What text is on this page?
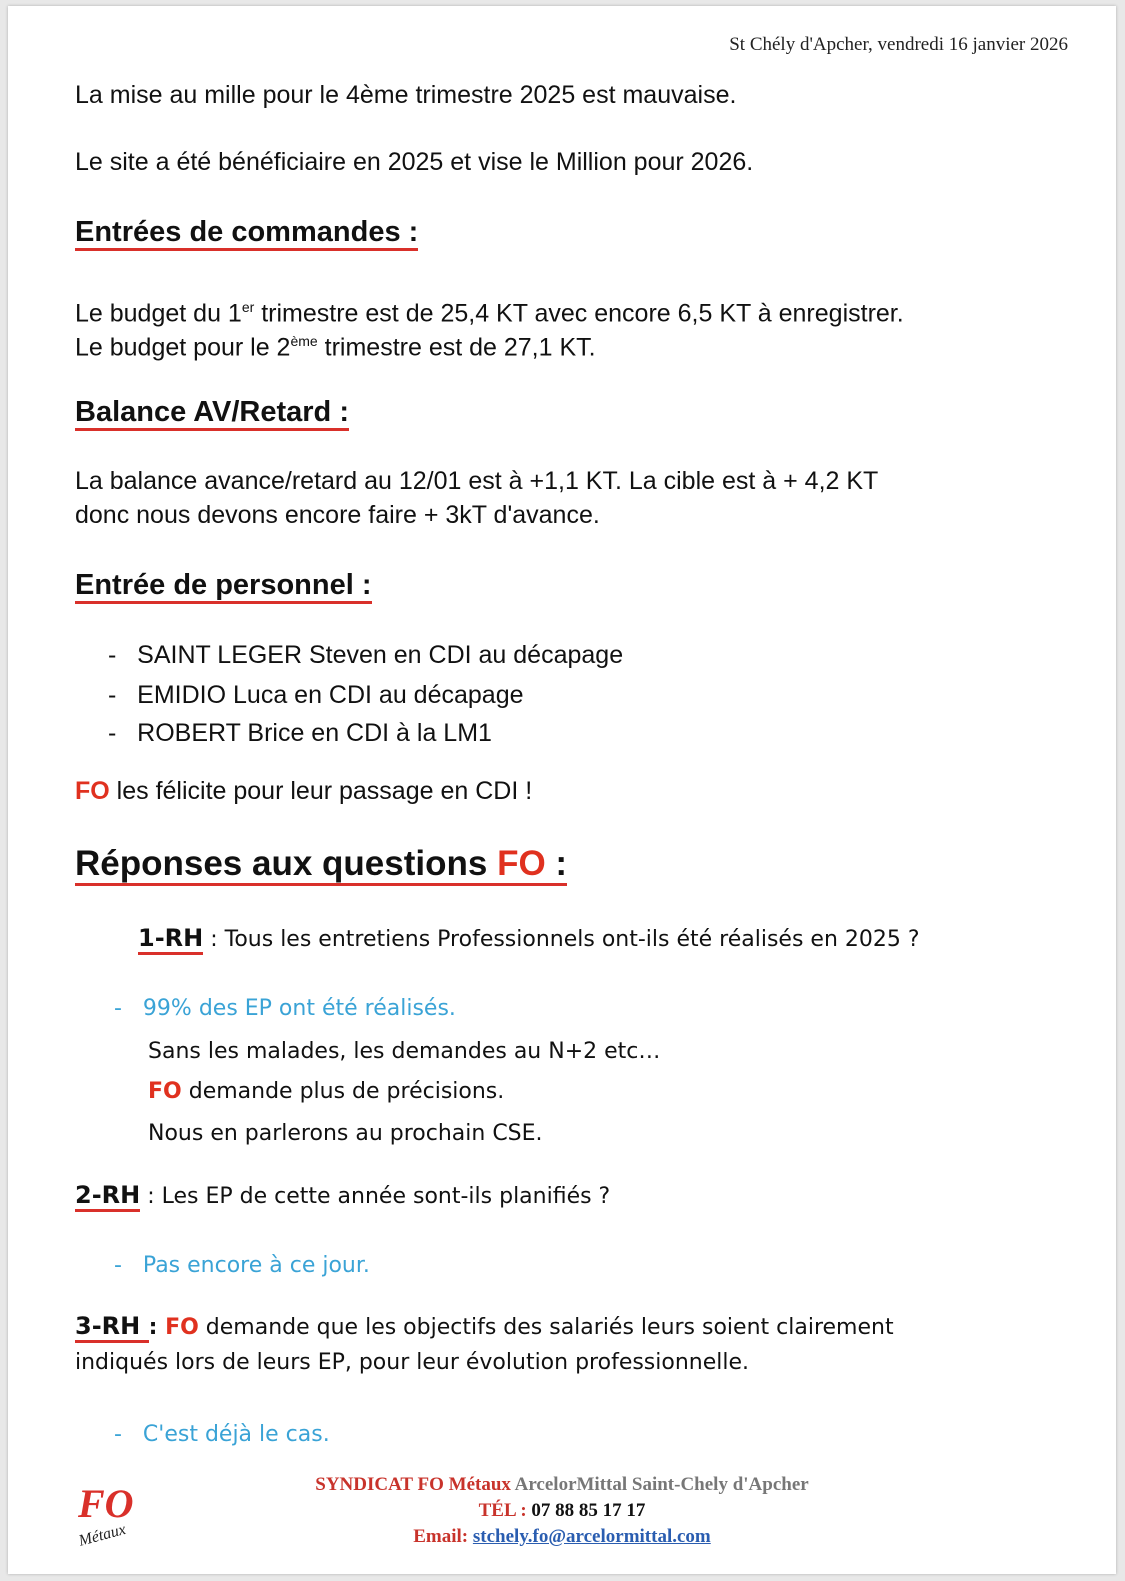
St Chély d'Apcher, vendredi 16 janvier 2026
La mise au mille pour le 4ème trimestre 2025 est mauvaise.
Le site a été bénéficiaire en 2025 et vise le Million pour 2026.
Entrées de commandes :
Le budget du 1er trimestre est de 25,4 KT avec encore 6,5 KT à enregistrer.
Le budget pour le 2ème trimestre est de 27,1 KT.
Balance AV/Retard :
La balance avance/retard au 12/01 est à +1,1 KT. La cible est à + 4,2 KT
donc nous devons encore faire + 3kT d'avance.
Entrée de personnel :
-   SAINT LEGER Steven en CDI au décapage
-   EMIDIO Luca en CDI au décapage
-   ROBERT Brice en CDI à la LM1
FO les félicite pour leur passage en CDI !
Réponses aux questions FO :
1-RH : Tous les entretiens Professionnels ont-ils été réalisés en 2025 ?
-   99% des EP ont été réalisés.
Sans les malades, les demandes au N+2 etc…
FO demande plus de précisions.
Nous en parlerons au prochain CSE.
2-RH : Les EP de cette année sont-ils planifiés ?
-   Pas encore à ce jour.
3-RH : FO demande que les objectifs des salariés leurs soient clairement
indiqués lors de leurs EP, pour leur évolution professionnelle.
-   C'est déjà le cas.
FO
Métaux
SYNDICAT FO Métaux ArcelorMittal Saint-Chely d'Apcher
TÉL : 07 88 85 17 17
Email: stchely.fo@arcelormittal.com
